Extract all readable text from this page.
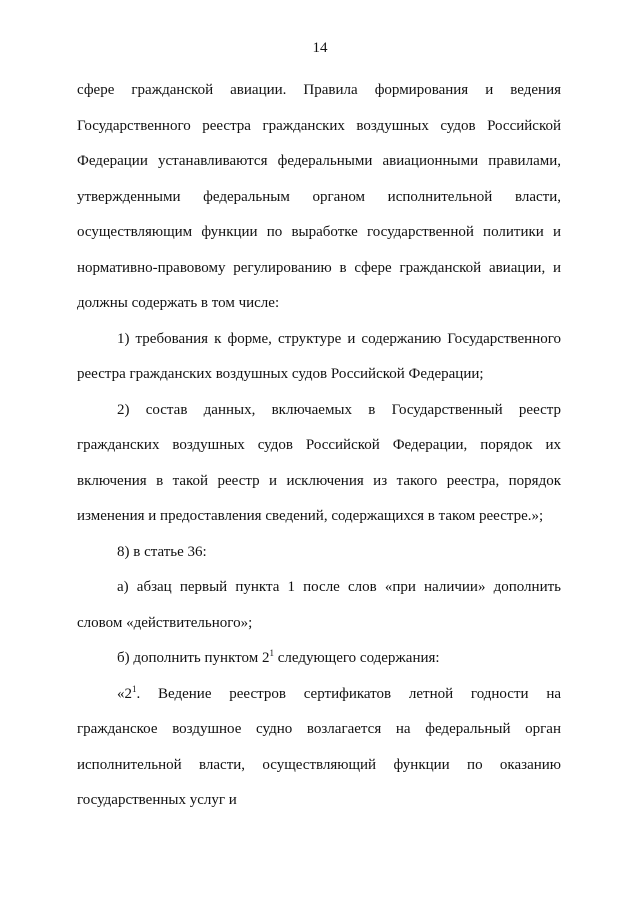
14

сфере гражданской авиации. Правила формирования и ведения Государственного реестра гражданских воздушных судов Российской Федерации устанавливаются федеральными авиационными правилами, утвержденными федеральным органом исполнительной власти, осуществляющим функции по выработке государственной политики и нормативно-правовому регулированию в сфере гражданской авиации, и должны содержать в том числе:

1) требования к форме, структуре и содержанию Государственного реестра гражданских воздушных судов Российской Федерации;

2) состав данных, включаемых в Государственный реестр гражданских воздушных судов Российской Федерации, порядок их включения в такой реестр и исключения из такого реестра, порядок изменения и предоставления сведений, содержащихся в таком реестре.»;

8) в статье 36:

а) абзац первый пункта 1 после слов «при наличии» дополнить словом «действительного»;

б) дополнить пунктом $2^1$ следующего содержания:

«$2^1$. Ведение реестров сертификатов летной годности на гражданское воздушное судно возлагается на федеральный орган исполнительной власти, осуществляющий функции по оказанию государственных услуг и
